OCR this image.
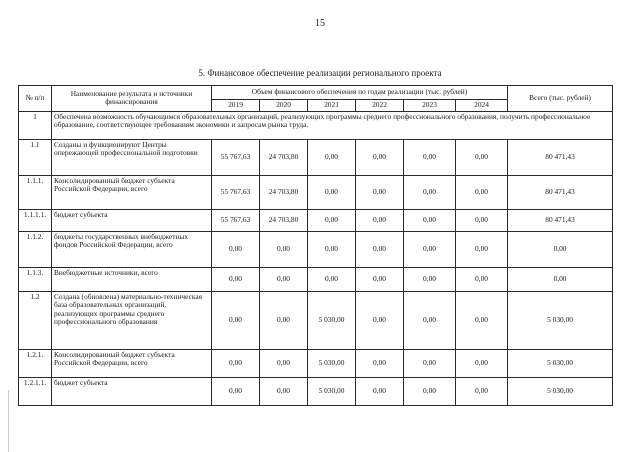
15
5. Финансовое обеспечение реализации регионального проекта
№ п/п	Наименование результата и источники финансирования	Объем финансового обеспечения по годам реализации (тыс. рублей)						Всего (тыс. рублей)
		2019	2020	2021	2022	2023	2024	
1	Обеспечена возможность обучающимся образовательных организаций, реализующих программы среднего профессионального образования, получить профессиональное образование, соответствующее требованиям экономики и запросам рынка труда.							
1.1	Созданы и функционируют Центры опережающей профессиональной подготовки	55 767,63	24 703,80	0,00	0,00	0,00	0,00	80 471,43
1.1.1.	Консолидированный бюджет субъекта Российской Федерации, всего	55 767,63	24 703,80	0,00	0,00	0,00	0,00	80 471,43
1.1.1.1.	бюджет субъекта	55 767,63	24 703,80	0,00	0,00	0,00	0,00	80 471,43
1.1.2.	бюджеты государственных внебюджетных фондов Российской Федерации, всего	0,00	0,00	0,00	0,00	0,00	0,00	0,00
1.1.3.	Внебюджетные источники, всего	0,00	0,00	0,00	0,00	0,00	0,00	0,00
1.2	Создана (обновлена) материально-техническая база образовательных организаций, реализующих программы среднего профессионального образования	0,00	0,00	5 030,00	0,00	0,00	0,00	5 030,00
1.2.1.	Консолидированный бюджет субъекта Российской Федерации, всего	0,00	0,00	5 030,00	0,00	0,00	0,00	5 030,00
1.2.1.1.	бюджет субъекта	0,00	0,00	5 030,00	0,00	0,00	0,00	5 030,00
